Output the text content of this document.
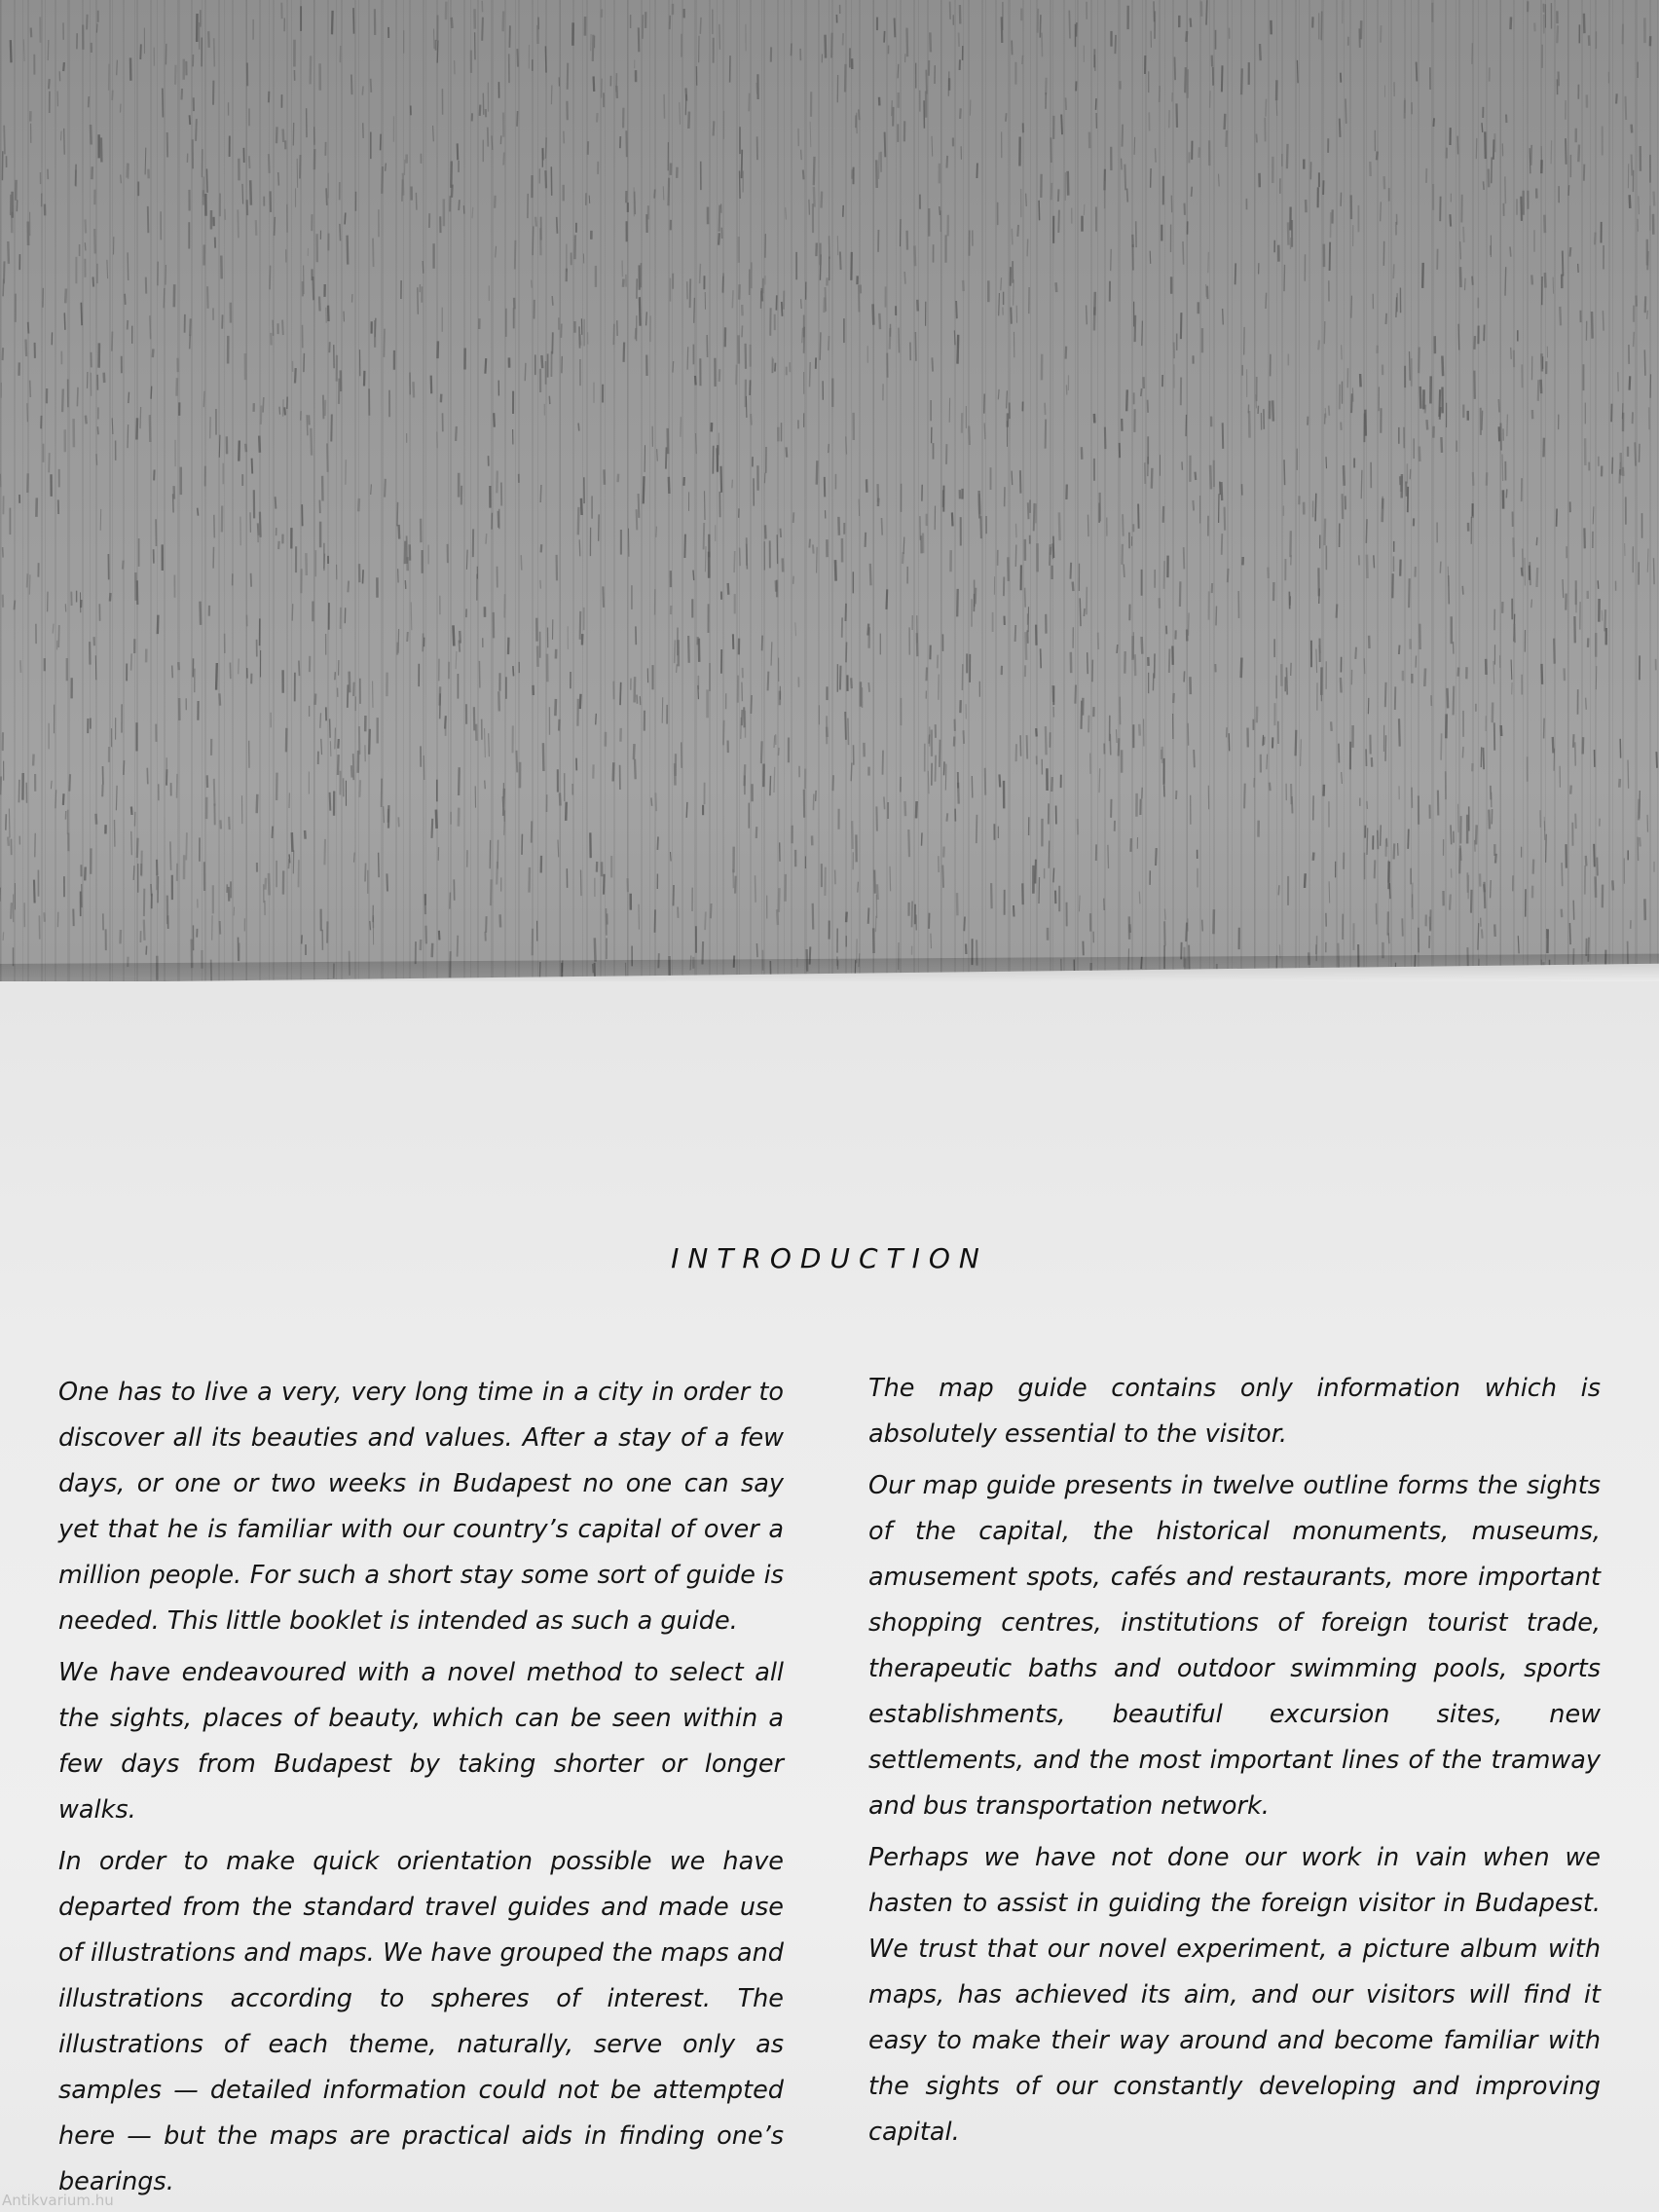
INTRODUCTION

One has to live a very, very long time in a city in order to discover all its beauties and values. After a stay of a few days, or one or two weeks in Budapest no one can say yet that he is familiar with our country’s capital of over a million people. For such a short stay some sort of guide is needed. This little booklet is intended as such a guide.

We have endeavoured with a novel method to select all the sights, places of beauty, which can be seen within a few days from Budapest by taking shorter or longer walks.

In order to make quick orientation possible we have departed from the standard travel guides and made use of illustrations and maps. We have grouped the maps and illustrations according to spheres of interest. The illustrations of each theme, naturally, serve only as samples — detailed information could not be attempted here — but the maps are practical aids in finding one’s bearings.

The map guide contains only information which is absolutely essential to the visitor.

Our map guide presents in twelve outline forms the sights of the capital, the historical monuments, museums, amusement spots, cafés and restaurants, more important shopping centres, institutions of foreign tourist trade, therapeutic baths and outdoor swimming pools, sports establishments, beautiful excursion sites, new settlements, and the most important lines of the tramway and bus transportation network.

Perhaps we have not done our work in vain when we hasten to assist in guiding the foreign visitor in Budapest. We trust that our novel experiment, a picture album with maps, has achieved its aim, and our visitors will find it easy to make their way around and become familiar with the sights of our constantly developing and improving capital.

Antikvarium.hu
